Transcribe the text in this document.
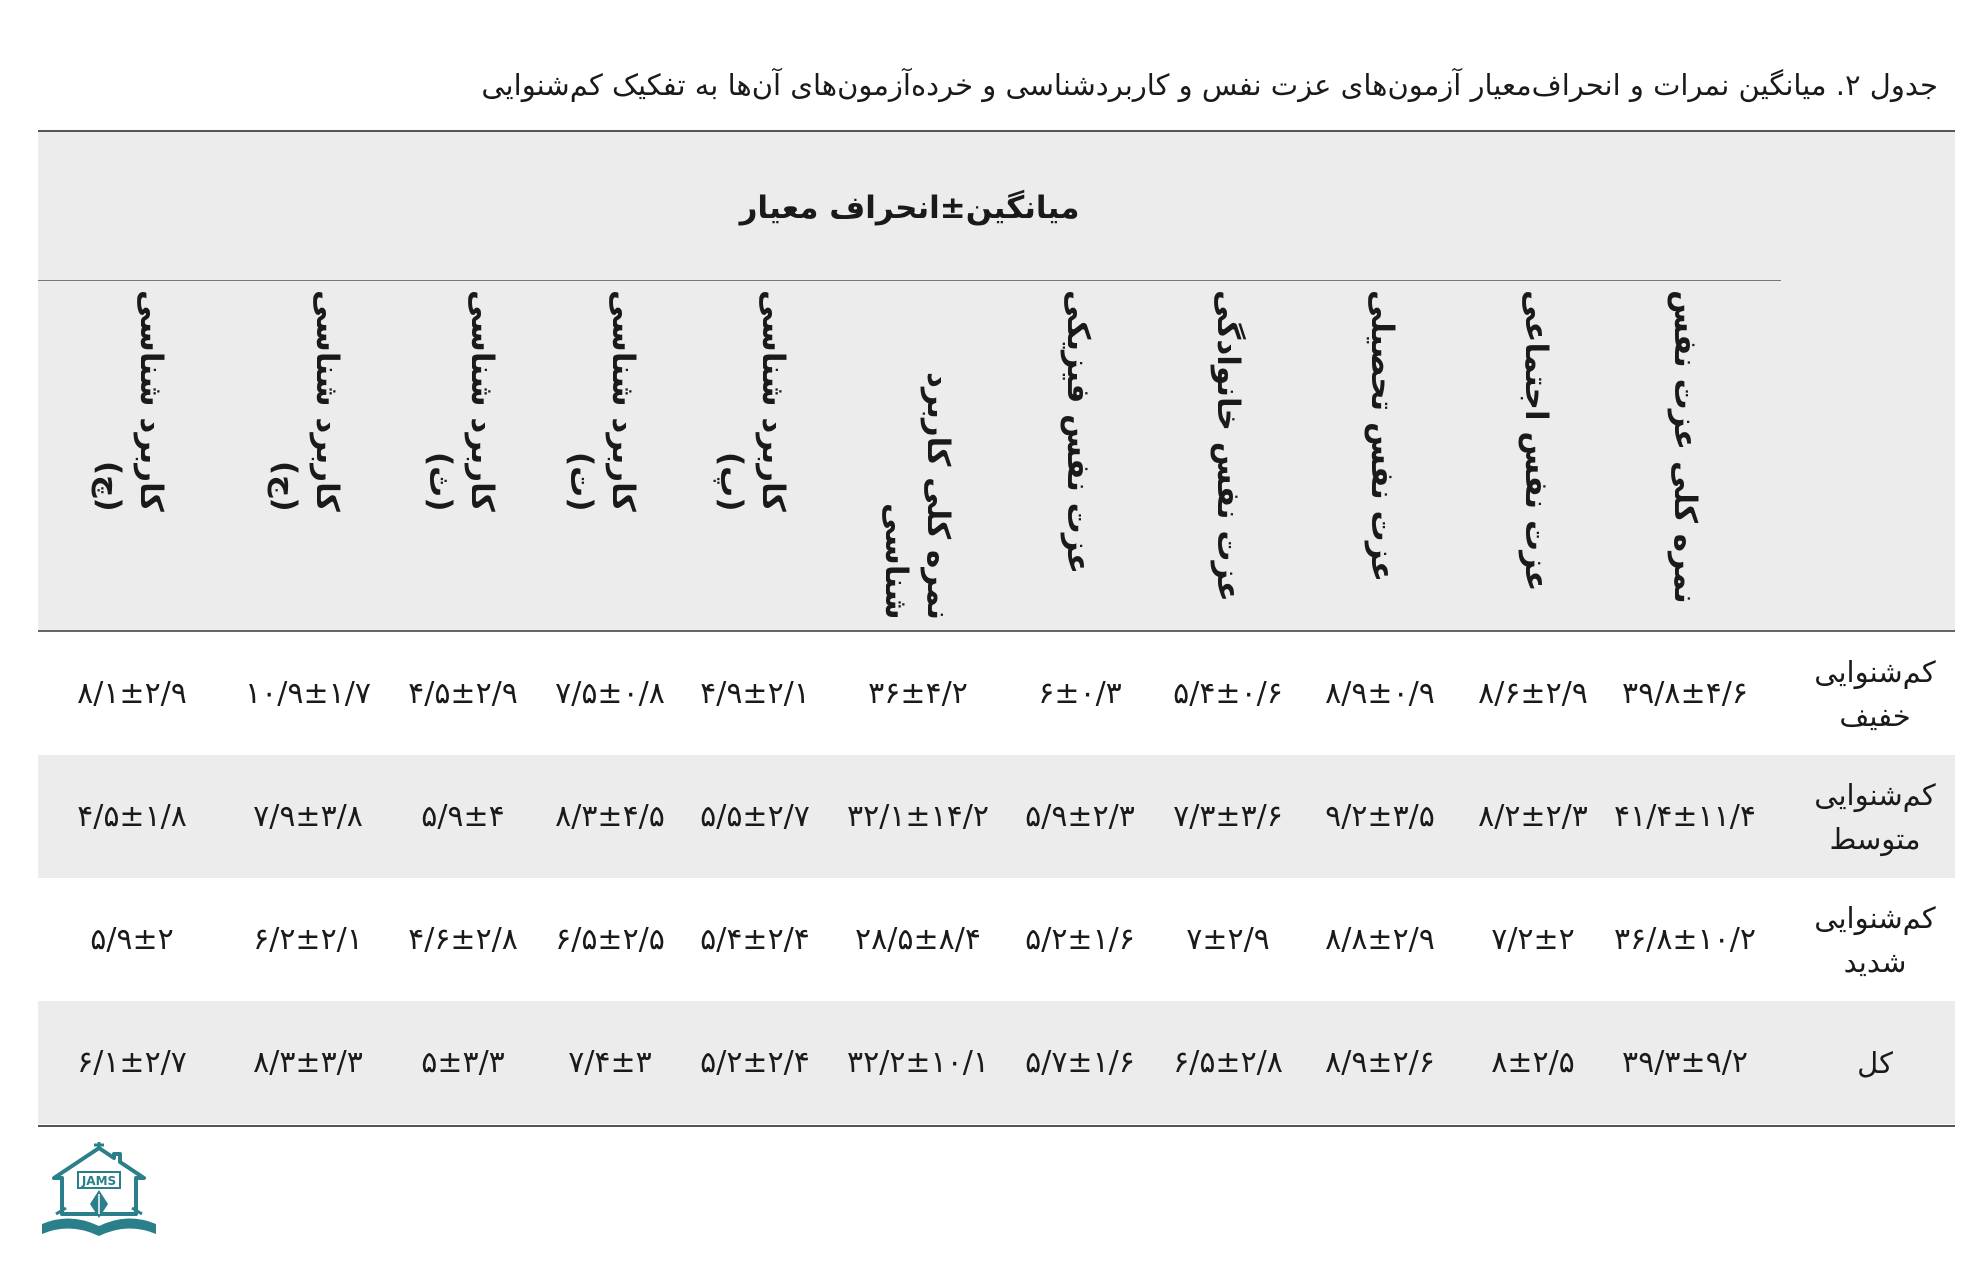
جدول ۲. میانگین نمرات و انحراف‌معیار آزمون‌های عزت نفس و کاربردشناسی و خرده‌آزمون‌های آن‌ها به تفکیک کم‌شنوایی
میانگین±انحراف معیار
نمره کلی عزت نفس
عزت نفس اجتماعی
عزت نفس تحصیلی
عزت نفس خانوادگی
عزت نفس فیزیکی
نمره کلی کاربرد شناسی
کاربرد شناسی
(پ)
کاربرد شناسی
(ت)
کاربرد شناسی
(ث)
کاربرد شناسی
(ج)
کاربرد شناسی
(چ)
کم‌شنوایی خفیف
۳۹/۸±۴/۶
۸/۶±۲/۹
۸/۹±۰/۹
۵/۴±۰/۶
۶±۰/۳
۳۶±۴/۲
۴/۹±۲/۱
۷/۵±۰/۸
۴/۵±۲/۹
۱۰/۹±۱/۷
۸/۱±۲/۹
کم‌شنوایی متوسط
۴۱/۴±۱۱/۴
۸/۲±۲/۳
۹/۲±۳/۵
۷/۳±۳/۶
۵/۹±۲/۳
۳۲/۱±۱۴/۲
۵/۵±۲/۷
۸/۳±۴/۵
۵/۹±۴
۷/۹±۳/۸
۴/۵±۱/۸
کم‌شنوایی شدید
۳۶/۸±۱۰/۲
۷/۲±۲
۸/۸±۲/۹
۷±۲/۹
۵/۲±۱/۶
۲۸/۵±۸/۴
۵/۴±۲/۴
۶/۵±۲/۵
۴/۶±۲/۸
۶/۲±۲/۱
۵/۹±۲
کل
۳۹/۳±۹/۲
۸±۲/۵
۸/۹±۲/۶
۶/۵±۲/۸
۵/۷±۱/۶
۳۲/۲±۱۰/۱
۵/۲±۲/۴
۷/۴±۳
۵±۳/۳
۸/۳±۳/۳
۶/۱±۲/۷
JAMS
